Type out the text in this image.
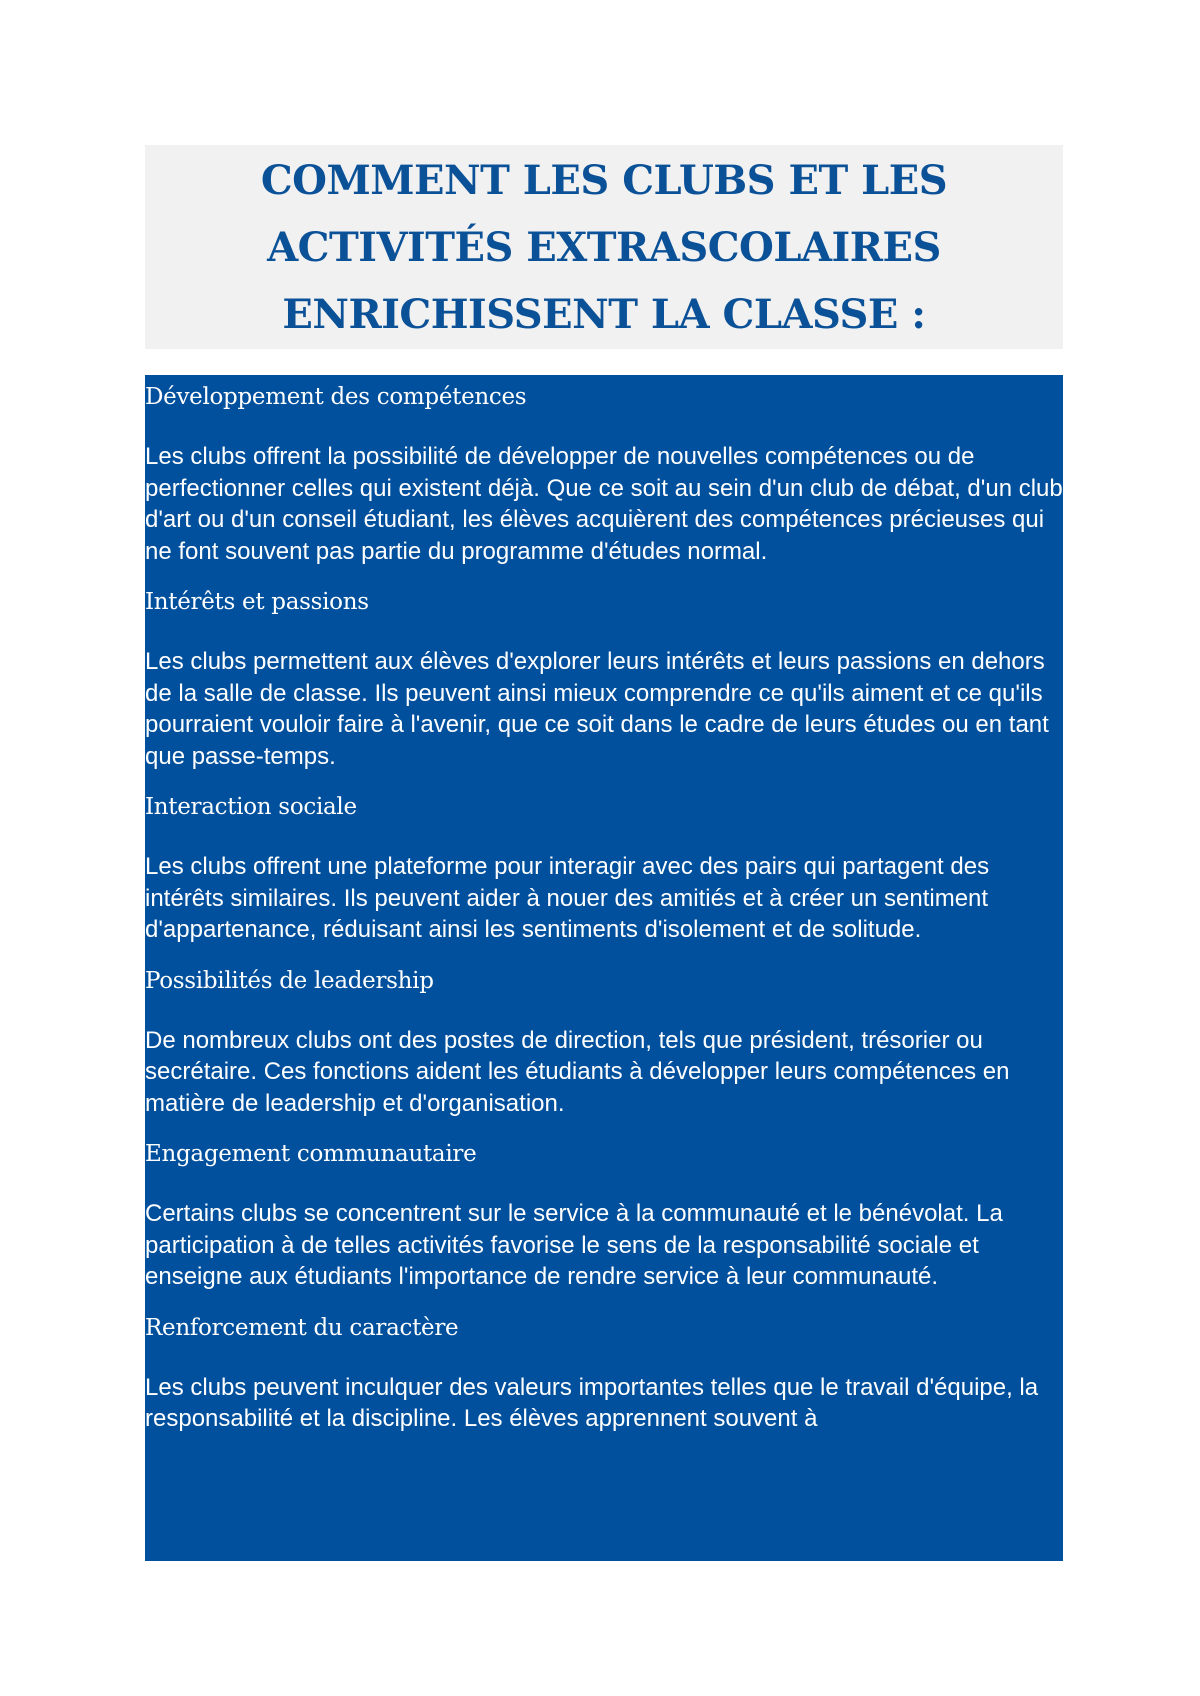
COMMENT LES CLUBS ET LES
ACTIVITÉS EXTRASCOLAIRES
ENRICHISSENT LA CLASSE :
Développement des compétences

Les clubs offrent la possibilité de développer de nouvelles compétences ou de perfectionner celles qui existent déjà. Que ce soit au sein d'un club de débat, d'un club d'art ou d'un conseil étudiant, les élèves acquièrent des compétences précieuses qui ne font souvent pas partie du programme d'études normal.

Intérêts et passions

Les clubs permettent aux élèves d'explorer leurs intérêts et leurs passions en dehors de la salle de classe. Ils peuvent ainsi mieux comprendre ce qu'ils aiment et ce qu'ils pourraient vouloir faire à l'avenir, que ce soit dans le cadre de leurs études ou en tant que passe-temps.

Interaction sociale

Les clubs offrent une plateforme pour interagir avec des pairs qui partagent des intérêts similaires. Ils peuvent aider à nouer des amitiés et à créer un sentiment d'appartenance, réduisant ainsi les sentiments d'isolement et de solitude.

Possibilités de leadership

De nombreux clubs ont des postes de direction, tels que président, trésorier ou secrétaire. Ces fonctions aident les étudiants à développer leurs compétences en matière de leadership et d'organisation.

Engagement communautaire

Certains clubs se concentrent sur le service à la communauté et le bénévolat. La participation à de telles activités favorise le sens de la responsabilité sociale et enseigne aux étudiants l'importance de rendre service à leur communauté.

Renforcement du caractère

Les clubs peuvent inculquer des valeurs importantes telles que le travail d'équipe, la responsabilité et la discipline. Les élèves apprennent souvent à
